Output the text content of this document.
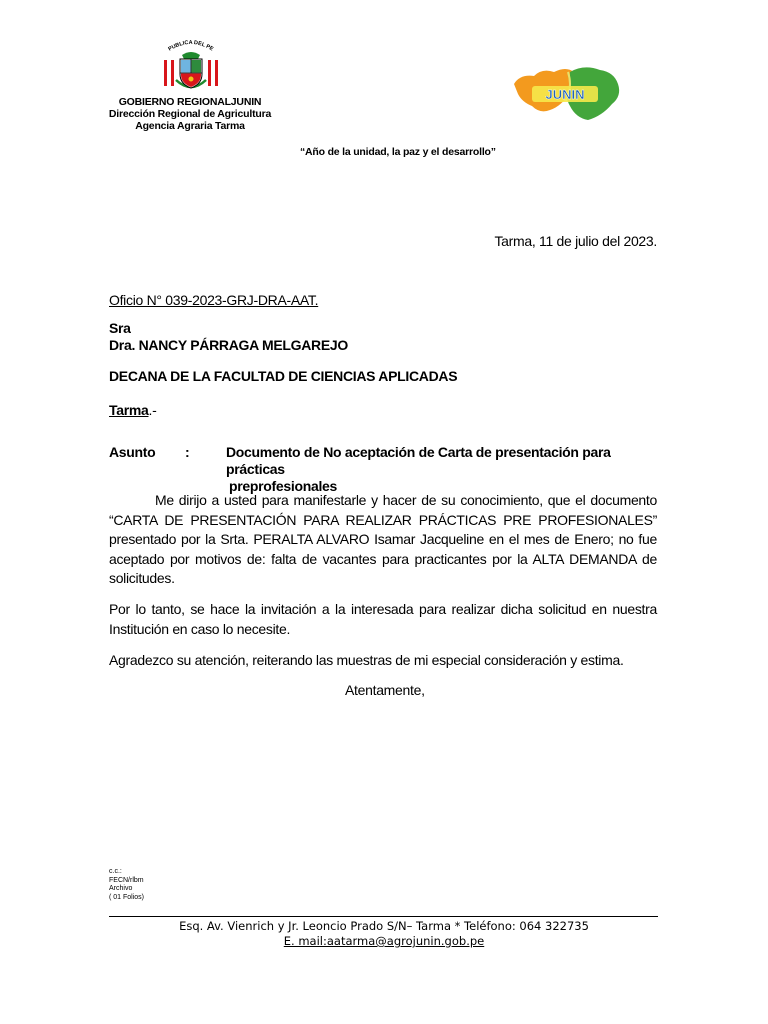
PUBLICA DEL PE
GOBIERNO REGIONALJUNIN
Dirección Regional de Agricultura
Agencia Agraria Tarma
JUNIN
“Año de la unidad, la paz y el desarrollo”
Tarma, 11 de julio del 2023.
Oficio N° 039-2023-GRJ-DRA-AAT.
Sra
Dra. NANCY PÁRRAGA MELGAREJO
DECANA DE LA FACULTAD DE CIENCIAS APLICADAS
Tarma.-
Asunto :	Documento de No aceptación de Carta de presentación para prácticas
preprofesionales
Me dirijo a usted para manifestarle y hacer de su conocimiento, que el documento “CARTA DE PRESENTACIÓN PARA REALIZAR PRÁCTICAS PRE PROFESIONALES” presentado por la Srta. PERALTA ALVARO Isamar Jacqueline en el mes de Enero; no fue aceptado por motivos de: falta de vacantes para practicantes por la ALTA DEMANDA de solicitudes.
Por lo tanto, se hace la invitación a la interesada para realizar dicha solicitud en nuestra Institución en caso lo necesite.
Agradezco su atención, reiterando las muestras de mi especial consideración y estima.
Atentamente,
c.c.:
FECN/rlbm
Archivo
( 01 Folios)
Esq. Av. Vienrich y Jr. Leoncio Prado S/N– Tarma * Teléfono: 064 322735
E. mail:aatarma@agrojunin.gob.pe
